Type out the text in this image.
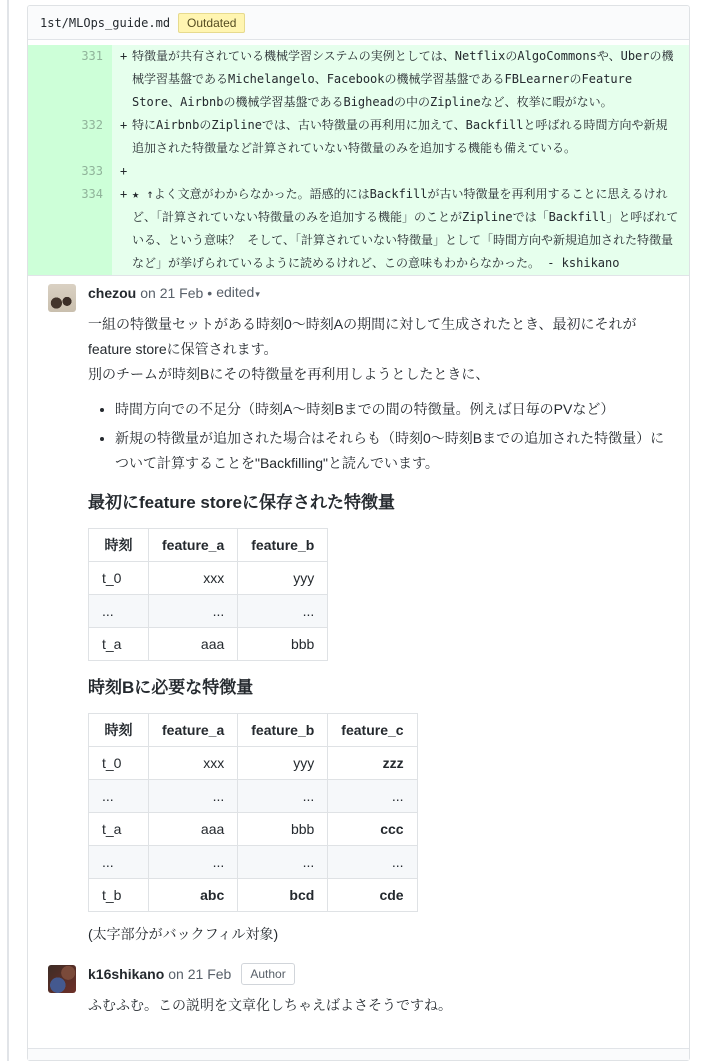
1st/MLOps_guide.md	Outdated
331	+ 特徴量が共有されている機械学習システムの実例としては、NetflixのAlgoCommonsや、Uberの機械学習基盤であるMichelangelo、Facebookの機械学習基盤であるFBLearnerのFeature Store、Airbnbの機械学習基盤であるBigheadの中のZiplineなど、枚挙に暇がない。
332	+ 特にAirbnbのZiplineでは、古い特徴量の再利用に加えて、Backfillと呼ばれる時間方向や新規追加された特徴量など計算されていない特徴量のみを追加する機能も備えている。
333	+
334	+ ★ ↑よく文意がわからなかった。語感的にはBackfillが古い特徴量を再利用することに思えるけれど、「計算されていない特徴量のみを追加する機能」のことがZiplineでは「Backfill」と呼ばれている、という意味？ そして、「計算されていない特徴量」として「時間方向や新規追加された特徴量など」が挙げられているように読めるけれど、この意味もわからなかった。 - kshikano
chezou on 21 Feb • edited▾

一組の特徴量セットがある時刻0〜時刻Aの期間に対して生成されたとき、最初にそれが
feature storeに保管されます。
別のチームが時刻Bにその特徴量を再利用しようとしたときに、

• 時間方向での不足分（時刻A〜時刻Bまでの間の特徴量。例えば日毎のPVなど）
• 新規の特徴量が追加された場合はそれらも（時刻0〜時刻Bまでの追加された特徴量）について計算することを"Backfilling"と読んでいます。
最初にfeature storeに保存された特徴量
時刻	feature_a	feature_b
t_0	xxx	yyy
...	...	...
t_a	aaa	bbb
時刻Bに必要な特徴量
時刻	feature_a	feature_b	feature_c
t_0	xxx	yyy	zzz
...	...	...	...
t_a	aaa	bbb	ccc
...	...	...	...
t_b	abc	bcd	cde

(太字部分がバックフィル対象)

k16shikano on 21 Feb	Author
ふむふむ。この説明を文章化しちゃえばよさそうですね。
